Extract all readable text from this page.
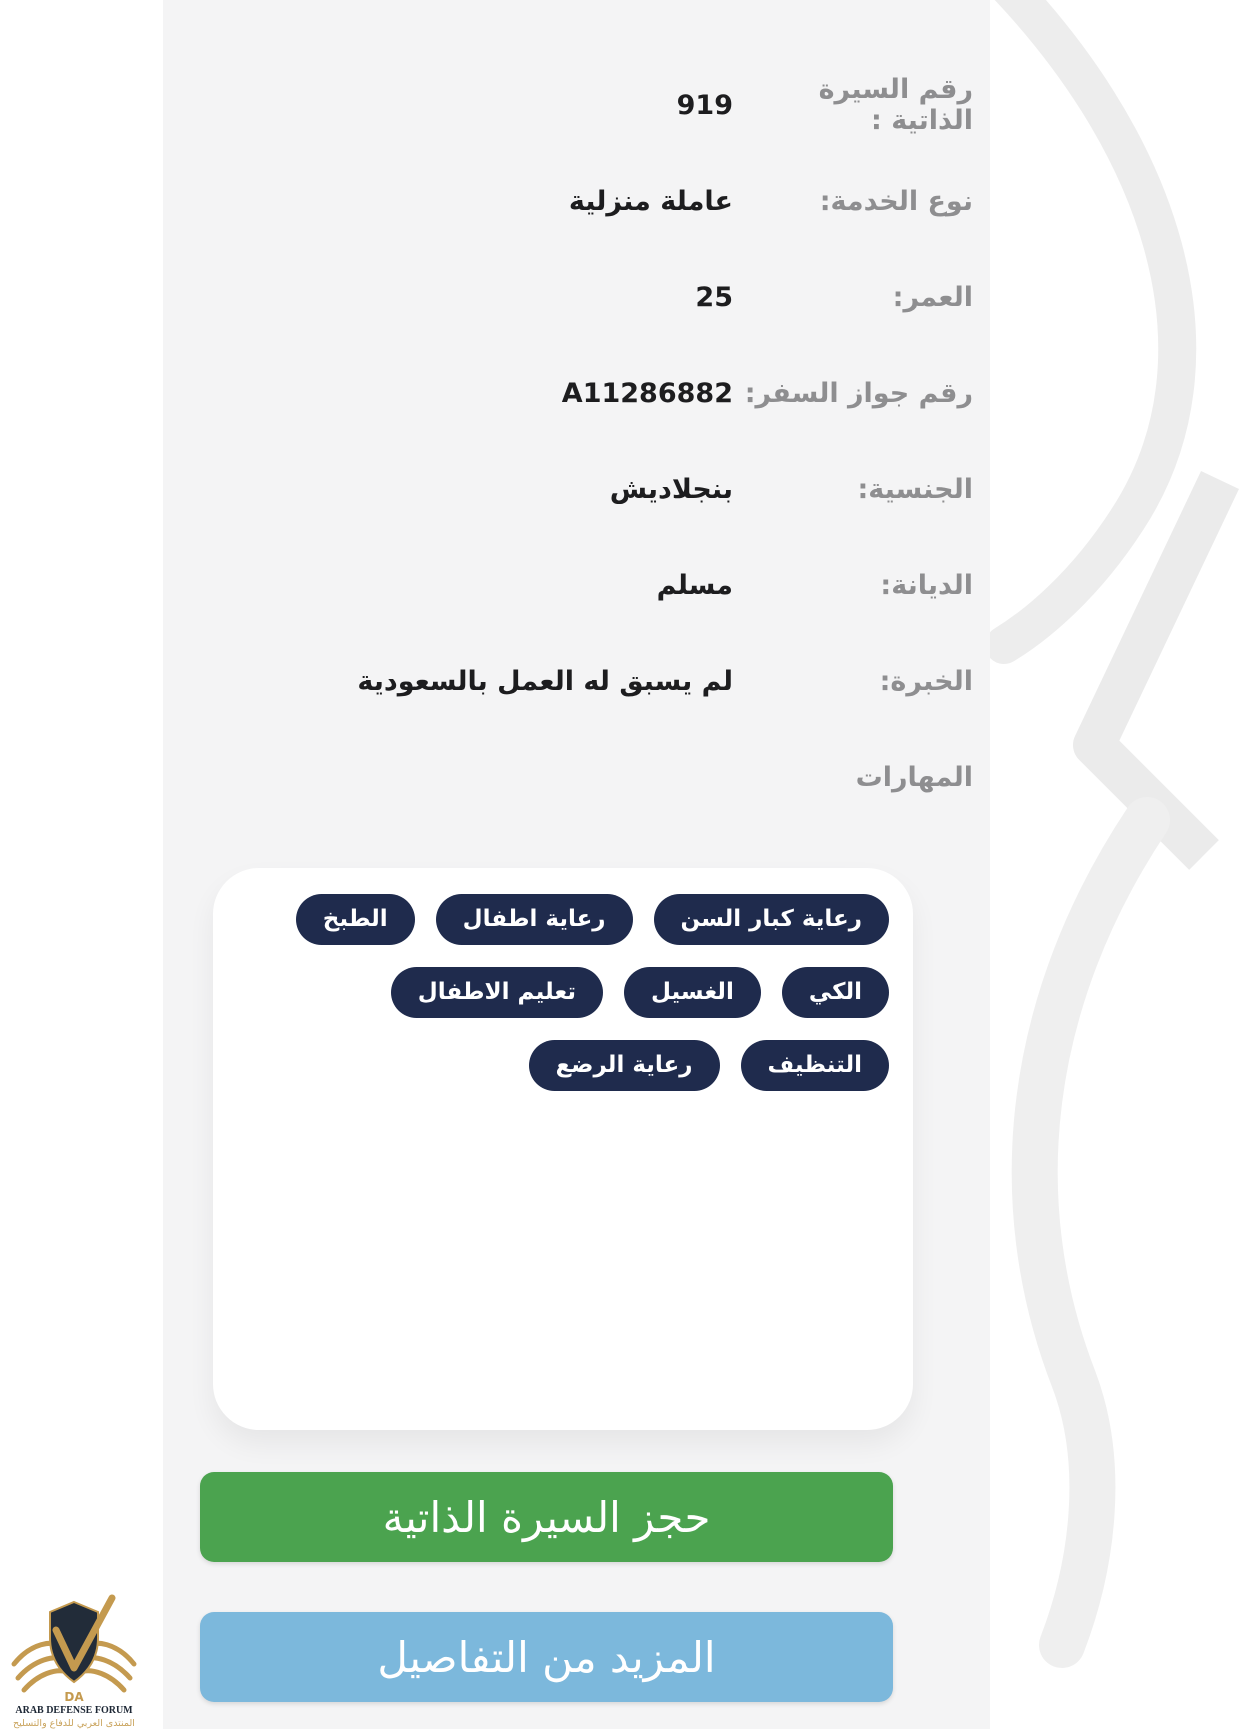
رقم السيرة الذاتية :
919
نوع الخدمة:
عاملة منزلية
العمر:
25
رقم جواز السفر:
A11286882
الجنسية:
بنجلاديش
الديانة:
مسلم
الخبرة:
لم يسبق له العمل بالسعودية
المهارات
رعاية كبار السن
رعاية اطفال
الطبخ
الكي
الغسيل
تعليم الاطفال
التنظيف
رعاية الرضع
حجز السيرة الذاتية
المزيد من التفاصيل
DA
ARAB DEFENSE FORUM
المنتدى العربي للدفاع والتسليح
